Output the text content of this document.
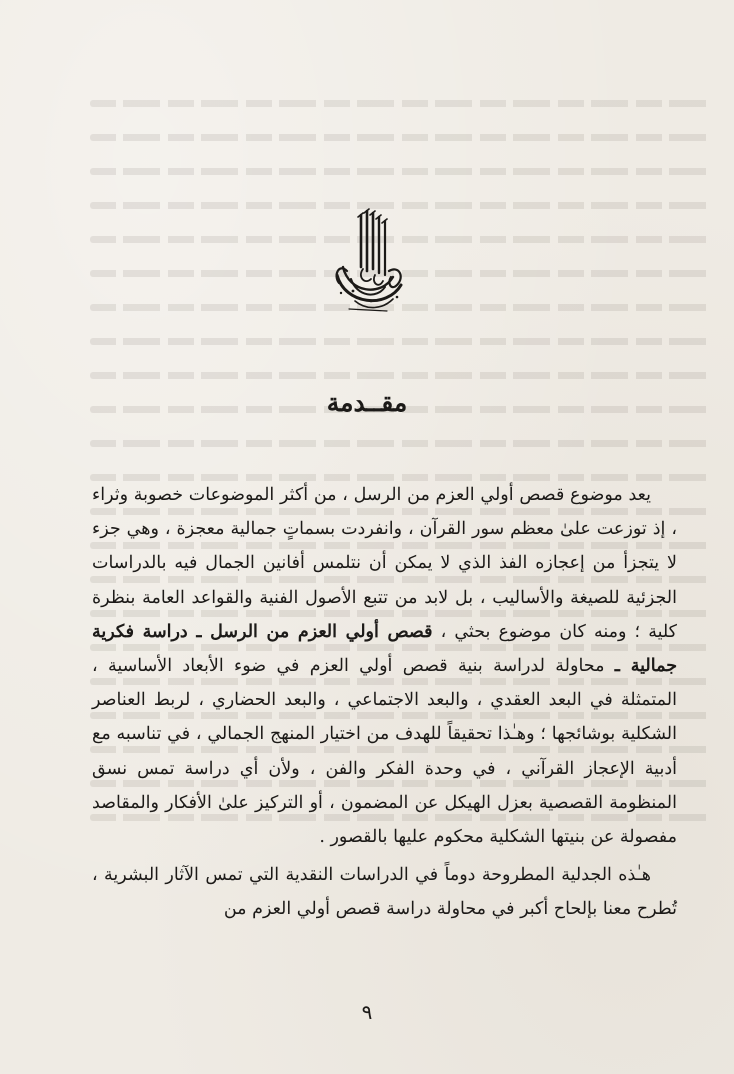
مقــدمة

يعد موضوع قصص أولي العزم من الرسل ، من أكثر الموضوعات خصوبة وثراء ، إذ توزعت علىٰ معظم سور القرآن ، وانفردت بسماتٍ جمالية معجزة ، وهي جزء لا يتجزأ من إعجازه الفذ الذي لا يمكن أن نتلمس أفانين الجمال فيه بالدراسات الجزئية للصيغة والأساليب ، بل لابد من تتبع الأصول الفنية والقواعد العامة بنظرة كلية ؛ ومنه كان موضوع بحثي ، قصص أولي العزم من الرسل ـ دراسة فكرية جمالية ـ محاولة لدراسة بنية قصص أولي العزم في ضوء الأبعاد الأساسية ، المتمثلة في البعد العقدي ، والبعد الاجتماعي ، والبعد الحضاري ، لربط العناصر الشكلية بوشائجها ؛ وهـٰذا تحقيقاً للهدف من اختيار المنهج الجمالي ، في تناسبه مع أدبية الإعجاز القرآني ، في وحدة الفكر والفن ، ولأن أي دراسة تمس نسق المنظومة القصصية بعزل الهيكل عن المضمون ، أو التركيز علىٰ الأفكار والمقاصد مفصولة عن بنيتها الشكلية محكوم عليها بالقصور .

هـٰذه الجدلية المطروحة دوماً في الدراسات النقدية التي تمس الآثار البشرية ، تُطرح معنا بإلحاح أكبر في محاولة دراسة قصص أولي العزم من

٩
